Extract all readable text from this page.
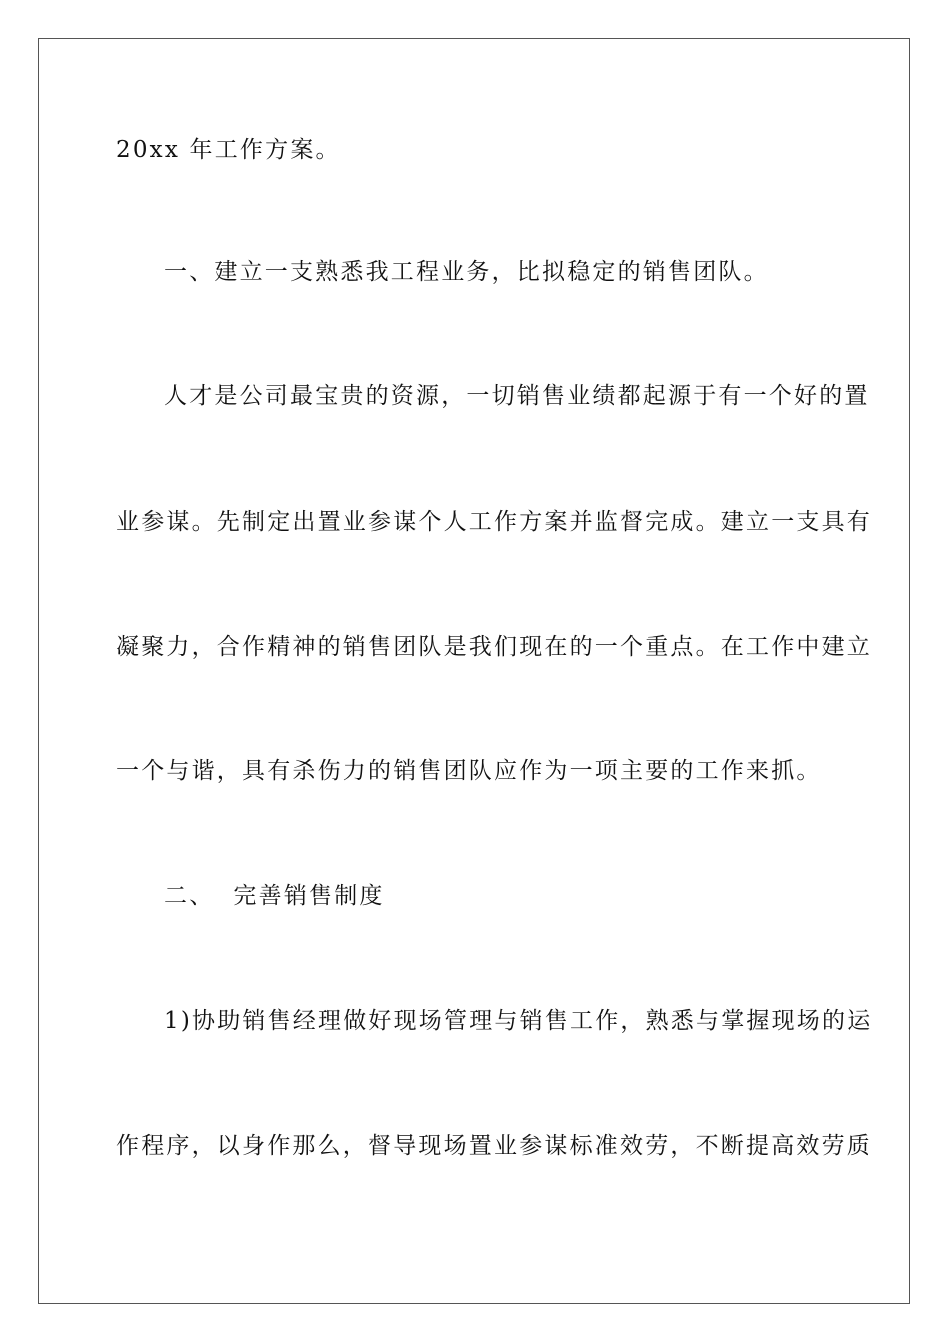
20xx 年工作方案。
一、建立一支熟悉我工程业务，比拟稳定的销售团队。
人才是公司最宝贵的资源，一切销售业绩都起源于有一个好的置
业参谋。先制定出置业参谋个人工作方案并监督完成。建立一支具有
凝聚力，合作精神的销售团队是我们现在的一个重点。在工作中建立
一个与谐，具有杀伤力的销售团队应作为一项主要的工作来抓。
二、  完善销售制度
1)协助销售经理做好现场管理与销售工作，熟悉与掌握现场的运
作程序，以身作那么，督导现场置业参谋标准效劳，不断提高效劳质
